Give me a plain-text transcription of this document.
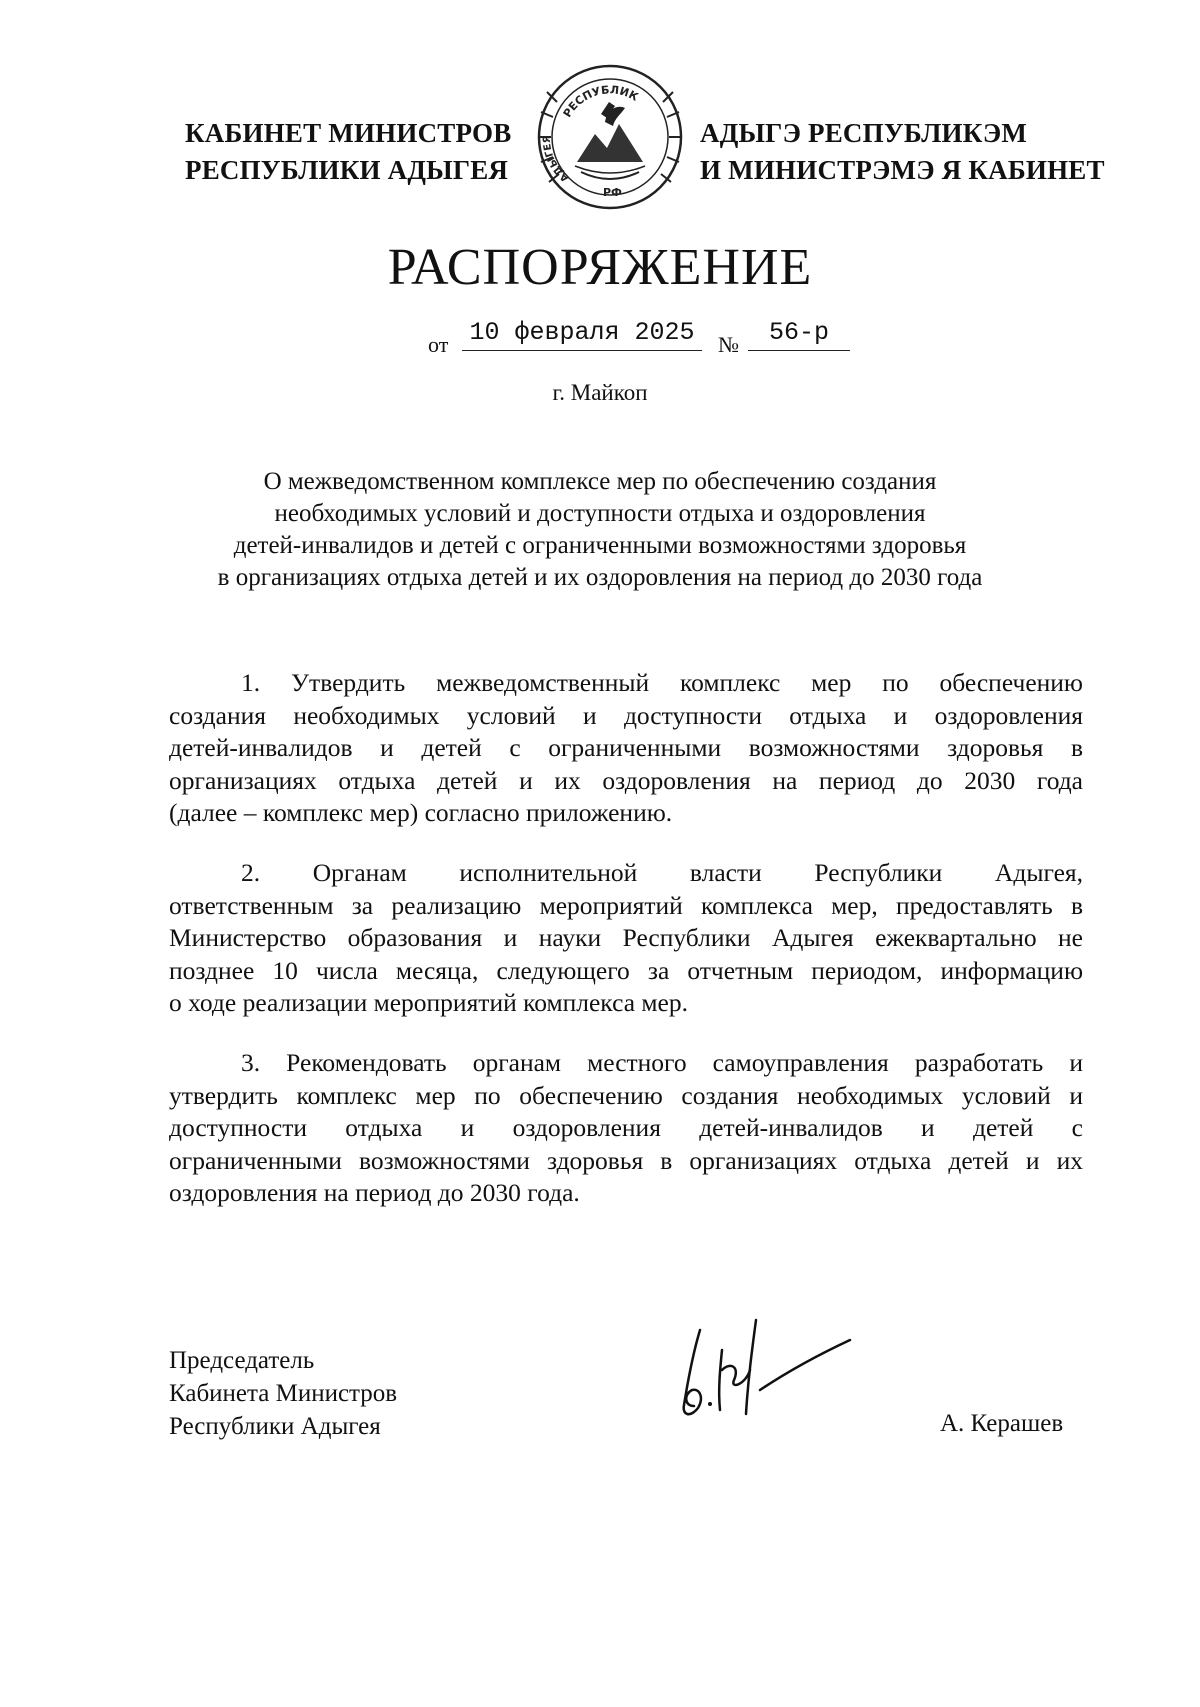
КАБИНЕТ МИНИСТРОВ
РЕСПУБЛИКИ АДЫГЕЯ
РЕСПУБЛИК
АДЫГЕЯ
РФ
АДЫГЭ РЕСПУБЛИКЭМ
И МИНИСТРЭМЭ Я КАБИНЕТ
РАСПОРЯЖЕНИЕ
от 10 февраля 2025	№	56-р
г. Майкоп
О межведомственном комплексе мер по обеспечению создания
необходимых условий и доступности отдыха и оздоровления
детей-инвалидов и детей с ограниченными возможностями здоровья
в организациях отдыха детей и их оздоровления на период до 2030 года
1. Утвердить межведомственный комплекс мер по обеспечению
создания необходимых условий и доступности отдыха и оздоровления
детей-инвалидов и детей с ограниченными возможностями здоровья в
организациях отдыха детей и их оздоровления на период до 2030 года
(далее – комплекс мер) согласно приложению.
2. Органам исполнительной власти Республики Адыгея,
ответственным за реализацию мероприятий комплекса мер, предоставлять в
Министерство образования и науки Республики Адыгея ежеквартально не
позднее 10 числа месяца, следующего за отчетным периодом, информацию
о ходе реализации мероприятий комплекса мер.
3. Рекомендовать органам местного самоуправления разработать и
утвердить комплекс мер по обеспечению создания необходимых условий и
доступности отдыха и оздоровления детей-инвалидов и детей с
ограниченными возможностями здоровья в организациях отдыха детей и их
оздоровления на период до 2030 года.
Председатель
Кабинета Министров
Республики Адыгея	А. Керашев
